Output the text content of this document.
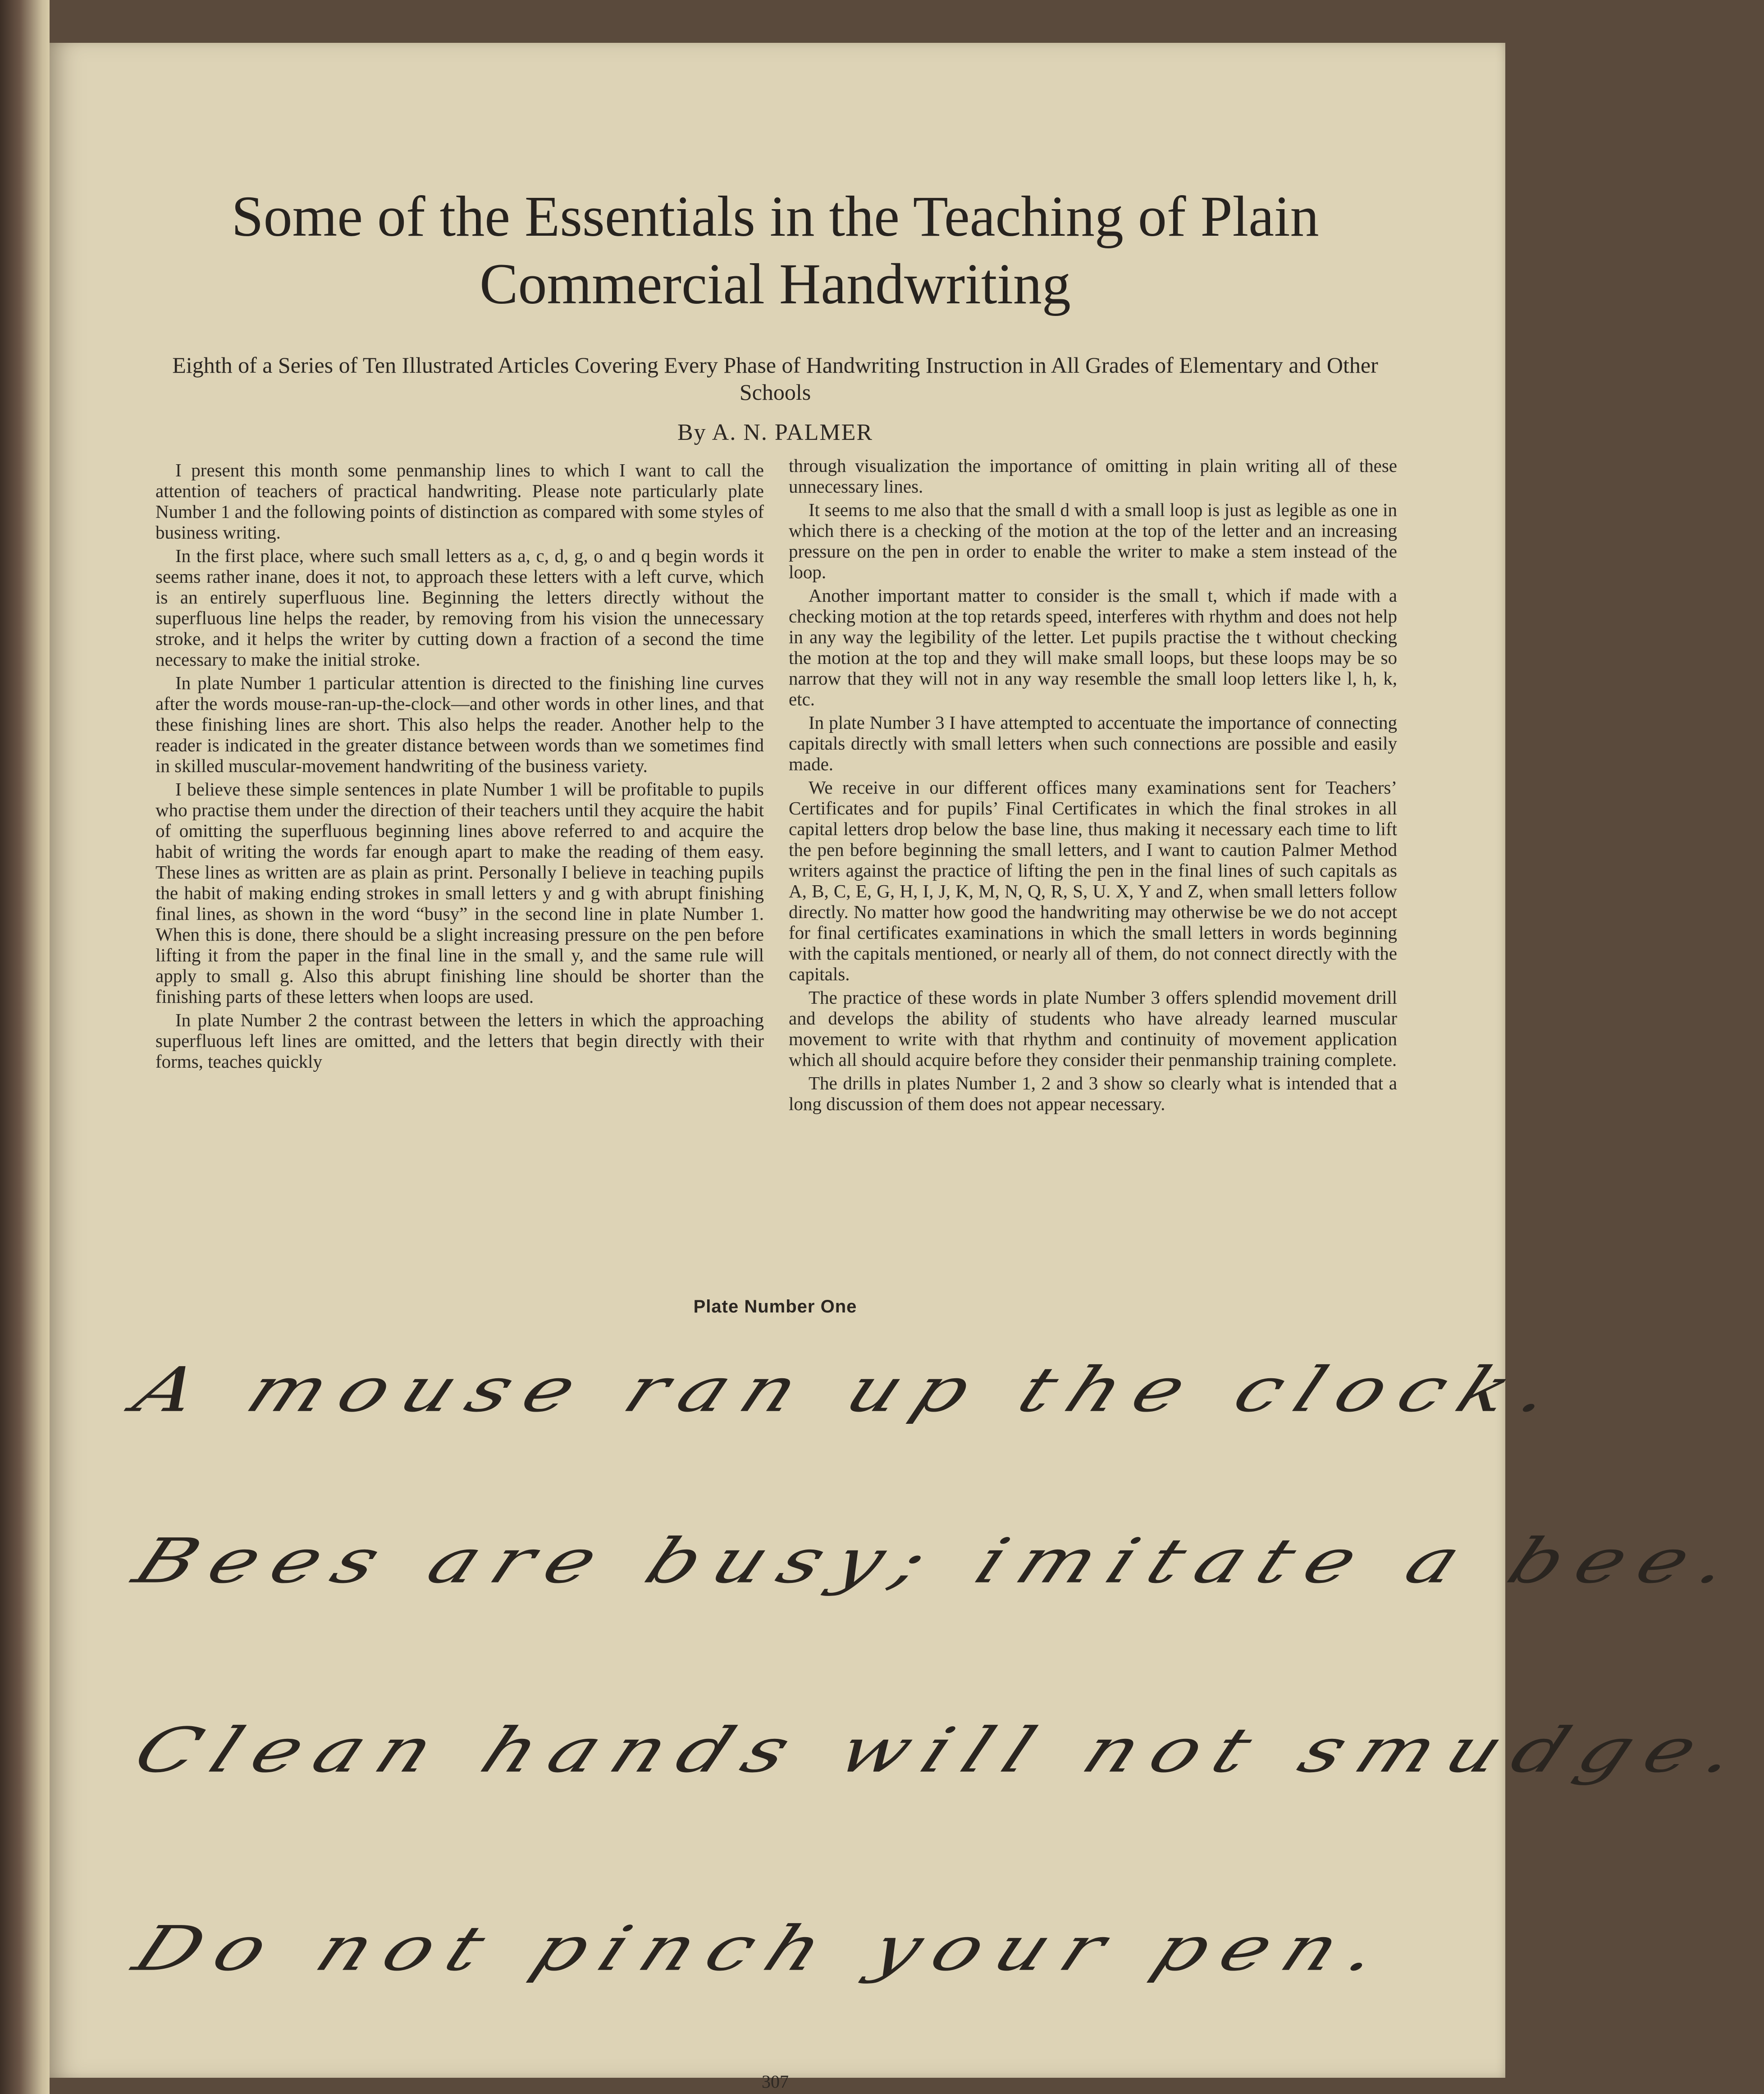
Some of the Essentials in the Teaching of Plain Commercial Handwriting
Eighth of a Series of Ten Illustrated Articles Covering Every Phase of Handwriting Instruction in All Grades of Elementary and Other Schools
By A. N. PALMER

I present this month some penmanship lines to which I want to call the attention of teachers of practical handwriting. Please note particularly plate Number 1 and the following points of distinction as compared with some styles of business writing.

In the first place, where such small letters as a, c, d, g, o and q begin words it seems rather inane, does it not, to approach these letters with a left curve, which is an entirely superfluous line. Beginning the letters directly without the superfluous line helps the reader, by removing from his vision the unnecessary stroke, and it helps the writer by cutting down a fraction of a second the time necessary to make the initial stroke.

In plate Number 1 particular attention is directed to the finishing line curves after the words mouse-ran-up-the-clock—and other words in other lines, and that these finishing lines are short. This also helps the reader. Another help to the reader is indicated in the greater distance between words than we sometimes find in skilled muscular-movement handwriting of the business variety.

I believe these simple sentences in plate Number 1 will be profitable to pupils who practise them under the direction of their teachers until they acquire the habit of omitting the superfluous beginning lines above referred to and acquire the habit of writing the words far enough apart to make the reading of them easy. These lines as written are as plain as print. Personally I believe in teaching pupils the habit of making ending strokes in small letters y and g with abrupt finishing final lines, as shown in the word “busy” in the second line in plate Number 1. When this is done, there should be a slight increasing pressure on the pen before lifting it from the paper in the final line in the small y, and the same rule will apply to small g. Also this abrupt finishing line should be shorter than the finishing parts of these letters when loops are used.

In plate Number 2 the contrast between the letters in which the approaching superfluous left lines are omitted, and the letters that begin directly with their forms, teaches quickly

through visualization the importance of omitting in plain writing all of these unnecessary lines.

It seems to me also that the small d with a small loop is just as legible as one in which there is a checking of the motion at the top of the letter and an increasing pressure on the pen in order to enable the writer to make a stem instead of the loop.

Another important matter to consider is the small t, which if made with a checking motion at the top retards speed, interferes with rhythm and does not help in any way the legibility of the letter. Let pupils practise the t without checking the motion at the top and they will make small loops, but these loops may be so narrow that they will not in any way resemble the small loop letters like l, h, k, etc.

In plate Number 3 I have attempted to accentuate the importance of connecting capitals directly with small letters when such connections are possible and easily made.

We receive in our different offices many examinations sent for Teachers’ Certificates and for pupils’ Final Certificates in which the final strokes in all capital letters drop below the base line, thus making it necessary each time to lift the pen before beginning the small letters, and I want to caution Palmer Method writers against the practice of lifting the pen in the final lines of such capitals as A, B, C, E, G, H, I, J, K, M, N, Q, R, S, U. X, Y and Z, when small letters follow directly. No matter how good the handwriting may otherwise be we do not accept for final certificates examinations in which the small letters in words beginning with the capitals mentioned, or nearly all of them, do not connect directly with the capitals.

The practice of these words in plate Number 3 offers splendid movement drill and develops the ability of students who have already learned muscular movement to write with that rhythm and continuity of movement application which all should acquire before they consider their penmanship training complete.

The drills in plates Number 1, 2 and 3 show so clearly what is intended that a long discussion of them does not appear necessary.

Plate Number One
A mouse ran up the clock.
Bees are busy; imitate a bee.
Clean hands will not smudge.
Do not pinch your pen.
307
